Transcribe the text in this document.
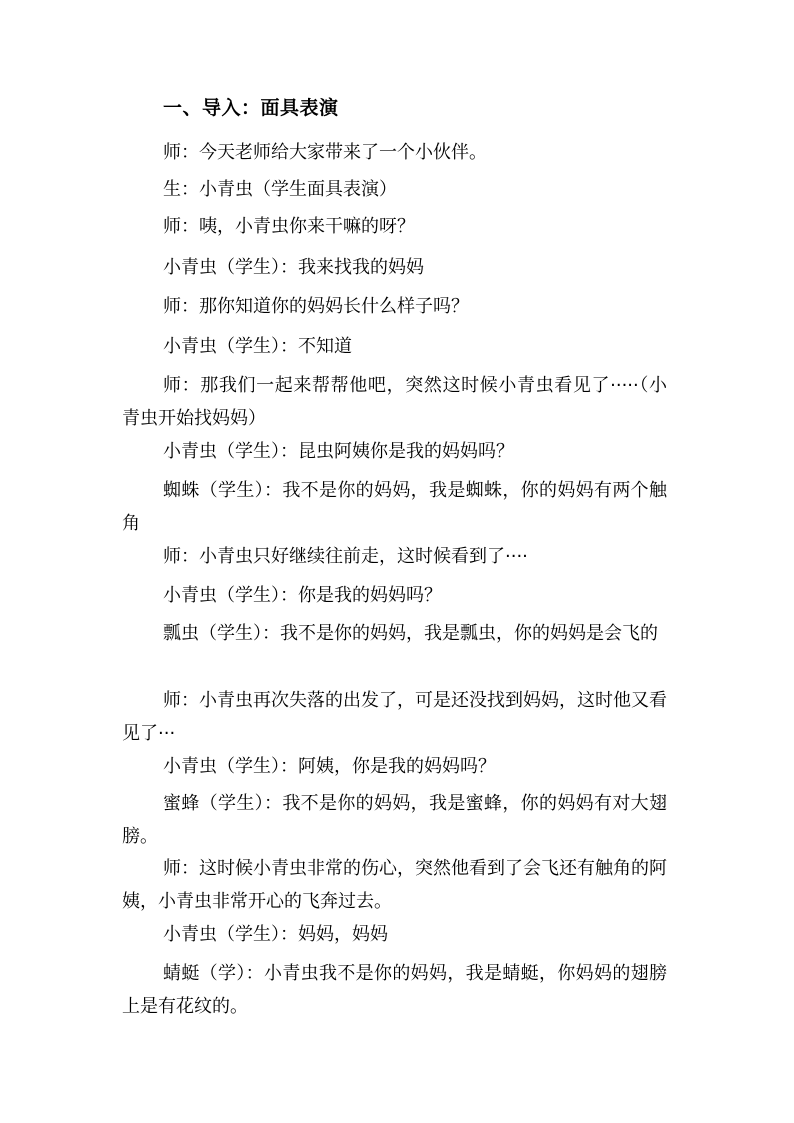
一、导入：面具表演

师：今天老师给大家带来了一个小伙伴。

生：小青虫（学生面具表演）

师：咦，小青虫你来干嘛的呀？

小青虫（学生）：我来找我的妈妈

师：那你知道你的妈妈长什么样子吗？

小青虫（学生）：不知道

师：那我们一起来帮帮他吧，突然这时候小青虫看见了·····（小青虫开始找妈妈）

小青虫（学生）：昆虫阿姨你是我的妈妈吗？

蜘蛛（学生）：我不是你的妈妈，我是蜘蛛，你的妈妈有两个触角

师：小青虫只好继续往前走，这时候看到了····

小青虫（学生）：你是我的妈妈吗？

瓢虫（学生）：我不是你的妈妈，我是瓢虫，你的妈妈是会飞的

师：小青虫再次失落的出发了，可是还没找到妈妈，这时他又看见了···

小青虫（学生）：阿姨，你是我的妈妈吗？

蜜蜂（学生）：我不是你的妈妈，我是蜜蜂，你的妈妈有对大翅膀。

师：这时候小青虫非常的伤心，突然他看到了会飞还有触角的阿姨，小青虫非常开心的飞奔过去。

小青虫（学生）：妈妈，妈妈

蜻蜓（学）：小青虫我不是你的妈妈，我是蜻蜓，你妈妈的翅膀上是有花纹的。
